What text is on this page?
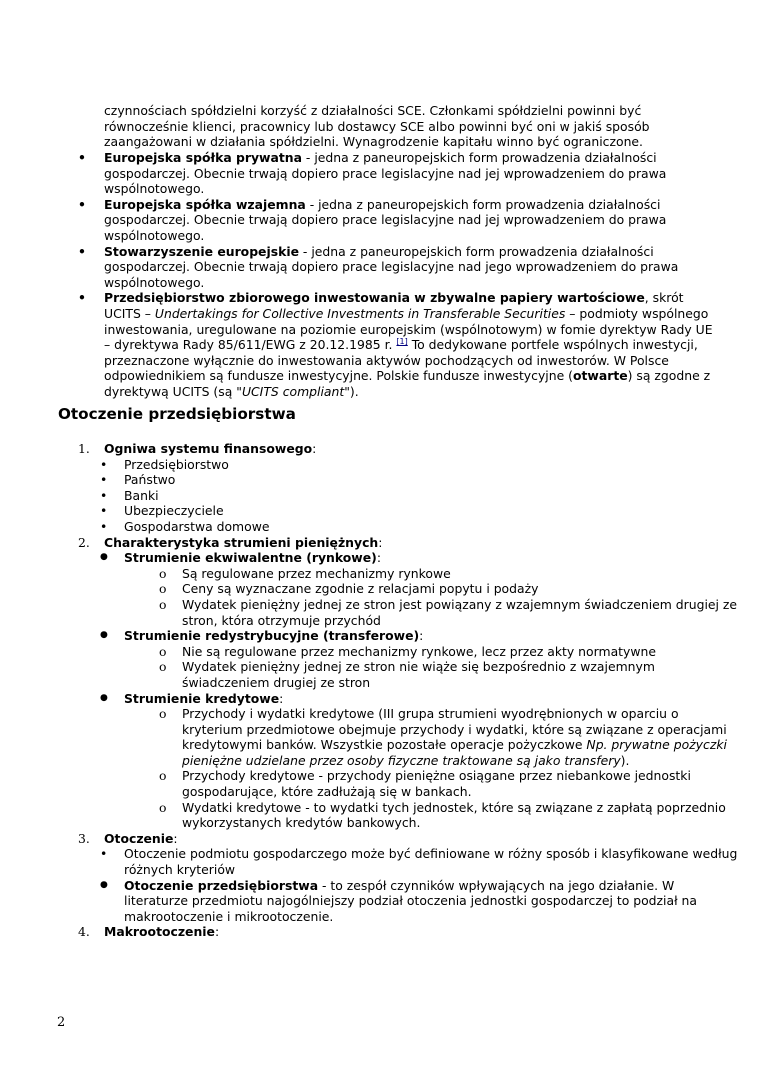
czynnościach spółdzielni korzyść z działalności SCE. Członkami spółdzielni powinni być równocześnie klienci, pracownicy lub dostawcy SCE albo powinni być oni w jakiś sposób zaangażowani w działania spółdzielni. Wynagrodzenie kapitału winno być ograniczone.

• Europejska spółka prywatna - jedna z paneuropejskich form prowadzenia działalności gospodarczej. Obecnie trwają dopiero prace legislacyjne nad jej wprowadzeniem do prawa wspólnotowego.
• Europejska spółka wzajemna - jedna z paneuropejskich form prowadzenia działalności gospodarczej. Obecnie trwają dopiero prace legislacyjne nad jej wprowadzeniem do prawa wspólnotowego.
• Stowarzyszenie europejskie - jedna z paneuropejskich form prowadzenia działalności gospodarczej. Obecnie trwają dopiero prace legislacyjne nad jego wprowadzeniem do prawa wspólnotowego.
• Przedsiębiorstwo zbiorowego inwestowania w zbywalne papiery wartościowe, skrót UCITS – Undertakings for Collective Investments in Transferable Securities – podmioty wspólnego inwestowania, uregulowane na poziomie europejskim (wspólnotowym) w fomie dyrektyw Rady UE – dyrektywa Rady 85/611/EWG z 20.12.1985 r. [1] To dedykowane portfele wspólnych inwestycji, przeznaczone wyłącznie do inwestowania aktywów pochodzących od inwestorów. W Polsce odpowiednikiem są fundusze inwestycyjne. Polskie fundusze inwestycyjne (otwarte) są zgodne z dyrektywą UCITS (są "UCITS compliant").
Otoczenie przedsiębiorstwa
1. Ogniwa systemu finansowego:
• Przedsiębiorstwo
• Państwo
• Banki
• Ubezpieczyciele
• Gospodarstwa domowe
2. Charakterystyka strumieni pieniężnych:
● Strumienie ekwiwalentne (rynkowe):
o Są regulowane przez mechanizmy rynkowe
o Ceny są wyznaczane zgodnie z relacjami popytu i podaży
o Wydatek pieniężny jednej ze stron jest powiązany z wzajemnym świadczeniem drugiej ze stron, która otrzymuje przychód
● Strumienie redystrybucyjne (transferowe):
o Nie są regulowane przez mechanizmy rynkowe, lecz przez akty normatywne
o Wydatek pieniężny jednej ze stron nie wiąże się bezpośrednio z wzajemnym świadczeniem drugiej ze stron
● Strumienie kredytowe:
o Przychody i wydatki kredytowe (III grupa strumieni wyodrębnionych w oparciu o kryterium przedmiotowe obejmuje przychody i wydatki, które są związane z operacjami kredytowymi banków. Wszystkie pozostałe operacje pożyczkowe Np. prywatne pożyczki pieniężne udzielane przez osoby fizyczne traktowane są jako transfery).
o Przychody kredytowe - przychody pieniężne osiągane przez niebankowe jednostki gospodarujące, które zadłużają się w bankach.
o Wydatki kredytowe - to wydatki tych jednostek, które są związane z zapłatą poprzednio wykorzystanych kredytów bankowych.
3. Otoczenie:
• Otoczenie podmiotu gospodarczego może być definiowane w różny sposób i klasyfikowane według różnych kryteriów
● Otoczenie przedsiębiorstwa - to zespół czynników wpływających na jego działanie. W literaturze przedmiotu najogólniejszy podział otoczenia jednostki gospodarczej to podział na makrootoczenie i mikrootoczenie.
4. Makrootoczenie:
2
